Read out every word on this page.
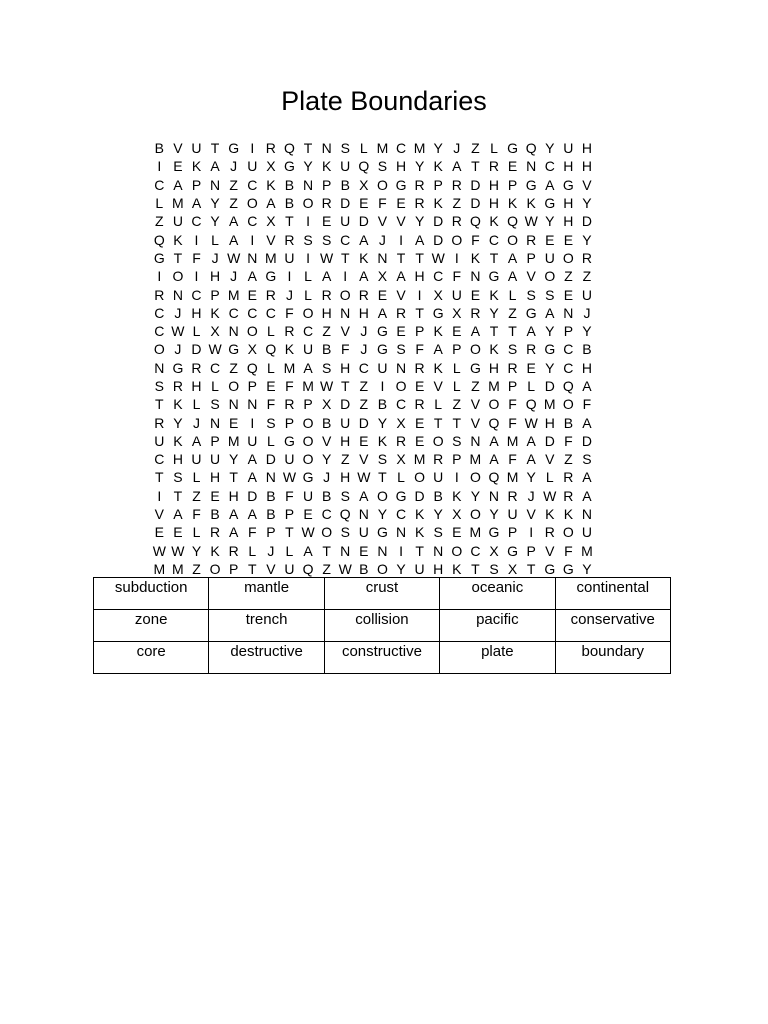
Plate Boundaries
B V U T G I R Q T N S L M C M Y J Z L G Q Y U H
I E K A J U X G Y K U Q S H Y K A T R E N C H H
C A P N Z C K B N P B X O G R P R D H P G A G V
L M A Y Z O A B O R D E F E R K Z D H K K G H Y
Z U C Y A C X T I E U D V V Y D R Q K Q W Y H D
Q K I L A I V R S S C A J I A D O F C O R E E Y
G T F J W N M U I W T K N T T W I K T A P U O R
I O I H J A G I L A I A X A H C F N G A V O Z Z
R N C P M E R J L R O R E V I X U E K L S S E U
C J H K C C C F O H N H A R T G X R Y Z G A N J
C W L X N O L R C Z V J G E P K E A T T A Y P Y
O J D W G X Q K U B F J G S F A P O K S R G C B
N G R C Z Q L M A S H C U N R K L G H R E Y C H
S R H L O P E F M W T Z I O E V L Z M P L D Q A
T K L S N N F R P X D Z B C R L Z V O F Q M O F
R Y J N E I S P O B U D Y X E T T V Q F W H B A
U K A P M U L G O V H E K R E O S N A M A D F D
C H U U Y A D U O Y Z V S X M R P M A F A V Z S
T S L H T A N W G J H W T L O U I O Q M Y L R A
I T Z E H D B F U B S A O G D B K Y N R J W R A
V A F B A A B P E C Q N Y C K Y X O Y U V K K N
E E L R A F P T W O S U G N K S E M G P I R O U
W W Y K R L J L A T N E N I T N O C X G P V F M
M M Z O P T V U Q Z W B O Y U H K T S X T G G Y
subduction	mantle	crust	oceanic	continental
zone	trench	collision	pacific	conservative
core	destructive	constructive	plate	boundary
